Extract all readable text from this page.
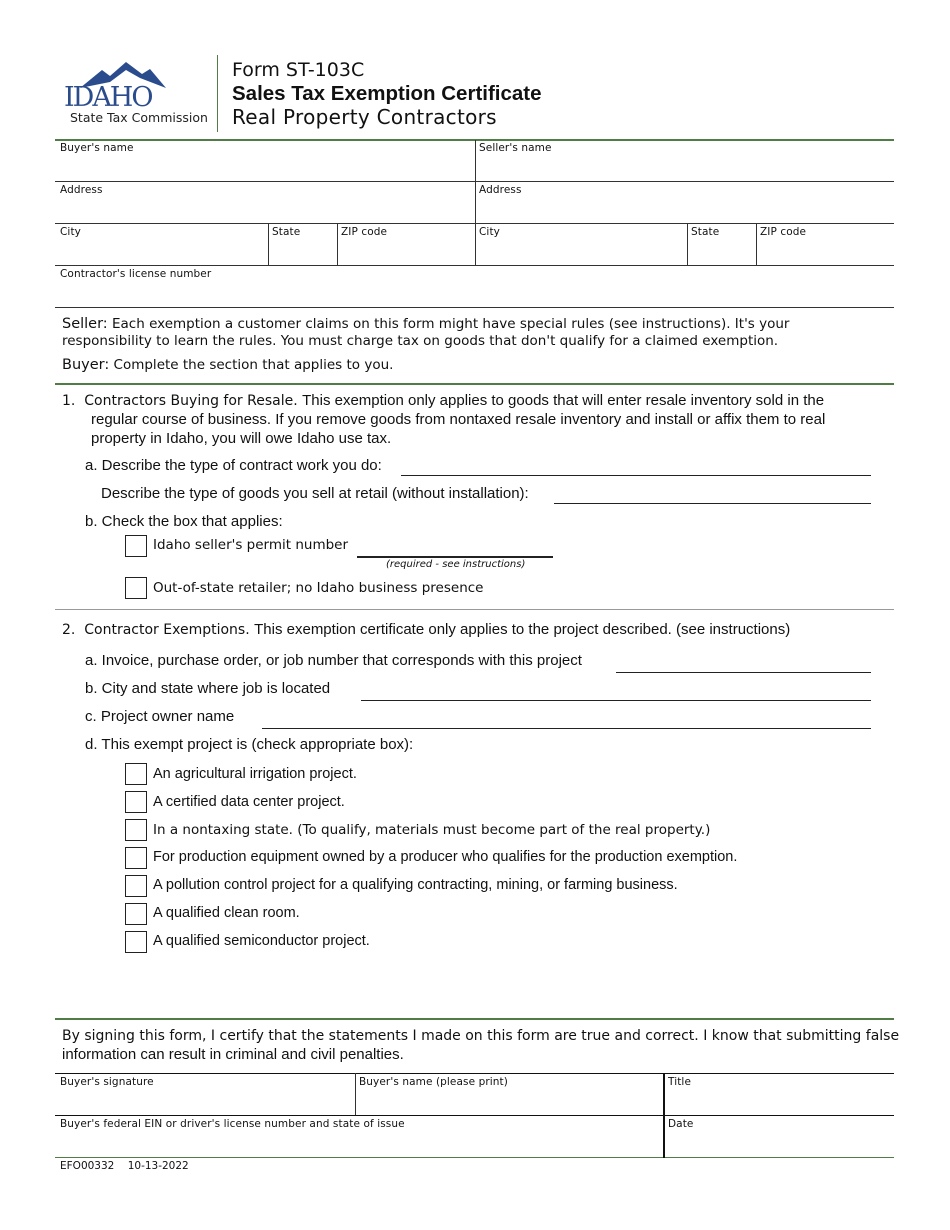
IDAHO
State Tax Commission
Form ST-103C
Sales Tax Exemption Certificate
Real Property Contractors
Buyer's name	Seller's name
Address	Address
City	State	ZIP code	City	State	ZIP code
Contractor's license number
Seller: Each exemption a customer claims on this form might have special rules (see instructions). It's your
responsibility to learn the rules. You must charge tax on goods that don't qualify for a claimed exemption.
Buyer: Complete the section that applies to you.
1. Contractors Buying for Resale. This exemption only applies to goods that will enter resale inventory sold in the
regular course of business. If you remove goods from nontaxed resale inventory and install or affix them to real
property in Idaho, you will owe Idaho use tax.
a. Describe the type of contract work you do:
Describe the type of goods you sell at retail (without installation):
b. Check the box that applies:
Idaho seller's permit number
(required - see instructions)
Out-of-state retailer; no Idaho business presence
2. Contractor Exemptions. This exemption certificate only applies to the project described. (see instructions)
a. Invoice, purchase order, or job number that corresponds with this project
b. City and state where job is located
c. Project owner name
d. This exempt project is (check appropriate box):
An agricultural irrigation project.
A certified data center project.
In a nontaxing state. (To qualify, materials must become part of the real property.)
For production equipment owned by a producer who qualifies for the production exemption.
A pollution control project for a qualifying contracting, mining, or farming business.
A qualified clean room.
A qualified semiconductor project.
By signing this form, I certify that the statements I made on this form are true and correct. I know that submitting false
information can result in criminal and civil penalties.
Buyer's signature	Buyer's name (please print)	Title
Buyer's federal EIN or driver's license number and state of issue	Date
EFO00332 10-13-2022
